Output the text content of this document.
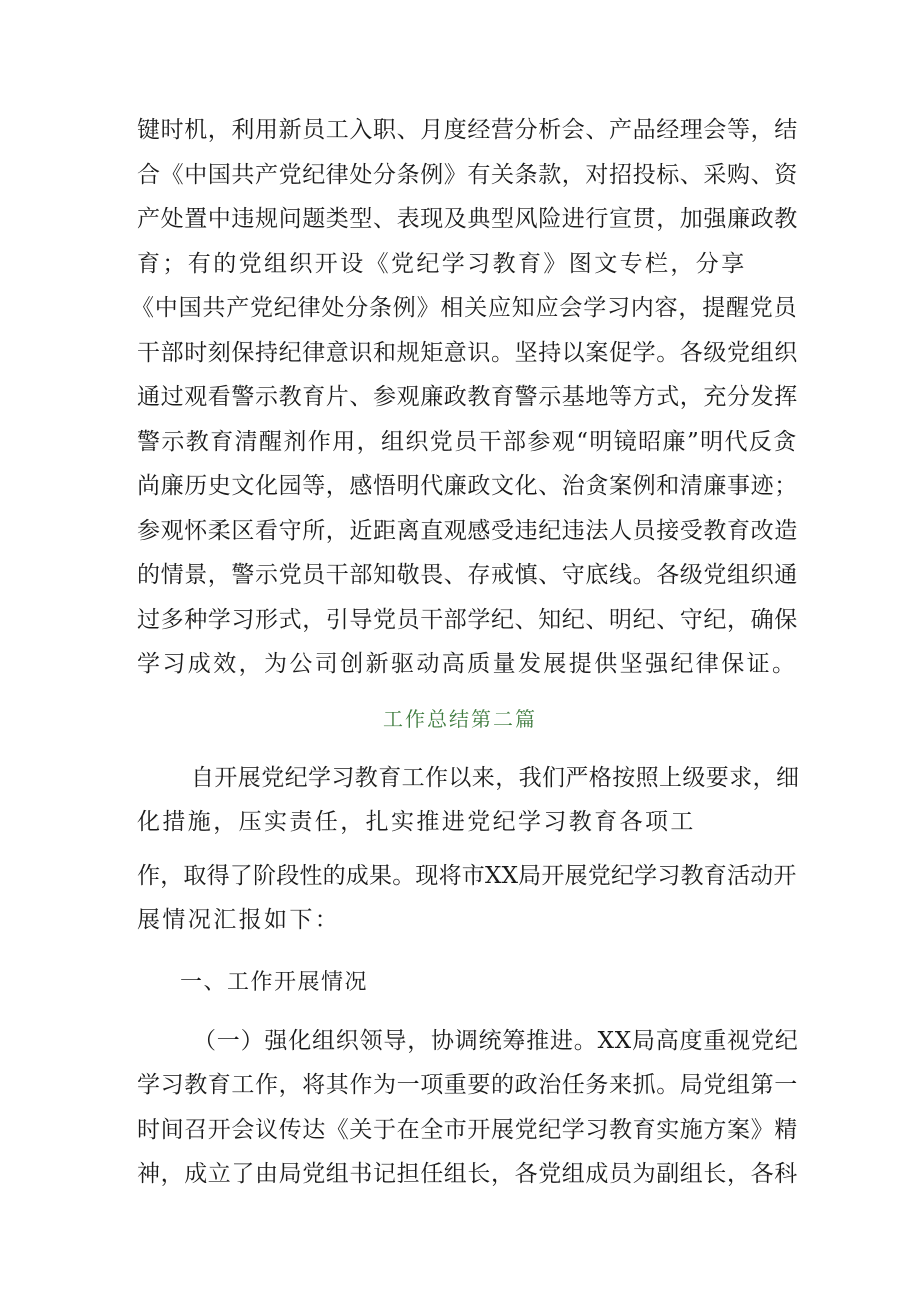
键时机，利用新员工入职、月度经营分析会、产品经理会等，结
合《中国共产党纪律处分条例》有关条款，对招投标、采购、资
产处置中违规问题类型、表现及典型风险进行宣贯，加强廉政教
育；有的党组织开设《党纪学习教育》图文专栏，分享
《中国共产党纪律处分条例》相关应知应会学习内容，提醒党员
干部时刻保持纪律意识和规矩意识。坚持以案促学。各级党组织
通过观看警示教育片、参观廉政教育警示基地等方式，充分发挥
警示教育清醒剂作用，组织党员干部参观“明镜昭廉”明代反贪
尚廉历史文化园等，感悟明代廉政文化、治贪案例和清廉事迹；
参观怀柔区看守所，近距离直观感受违纪违法人员接受教育改造
的情景，警示党员干部知敬畏、存戒慎、守底线。各级党组织通
过多种学习形式，引导党员干部学纪、知纪、明纪、守纪，确保
学习成效，为公司创新驱动高质量发展提供坚强纪律保证。
工作总结第二篇
自开展党纪学习教育工作以来，我们严格按照上级要求，细
化措施，压实责任，扎实推进党纪学习教育各项工
作，取得了阶段性的成果。现将市XX局开展党纪学习教育活动开
展情况汇报如下：
一、工作开展情况
（一）强化组织领导，协调统筹推进。XX局高度重视党纪
学习教育工作，将其作为一项重要的政治任务来抓。局党组第一
时间召开会议传达《关于在全市开展党纪学习教育实施方案》精
神，成立了由局党组书记担任组长，各党组成员为副组长，各科
